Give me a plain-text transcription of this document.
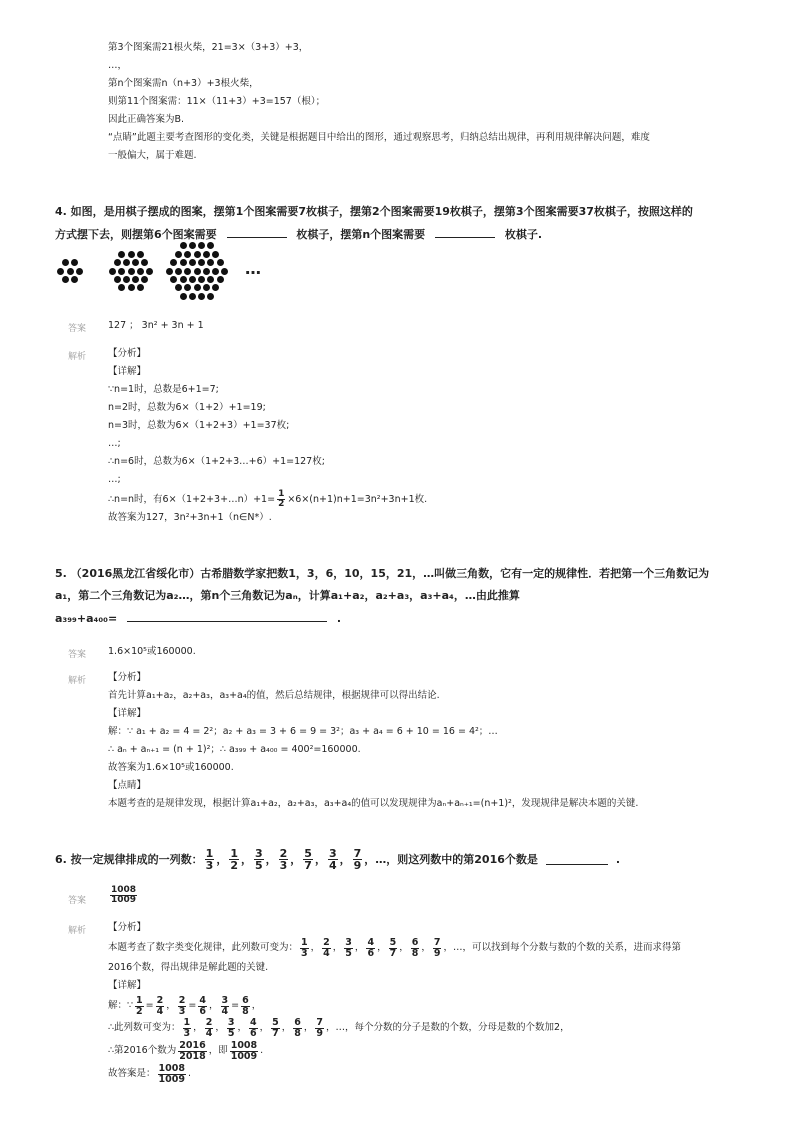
第3个图案需21根火柴，21=3×（3+3）+3，
…，
第n个图案需n（n+3）+3根火柴，
则第11个图案需：11×（11+3）+3=157（根）；
因此正确答案为B.
“点睛”此题主要考查图形的变化类，关键是根据题目中给出的图形，通过观察思考，归纳总结出规律，再利用规律解决问题，难度
一般偏大，属于难题.
4. 如图，是用棋子摆成的图案，摆第1个图案需要7枚棋子，摆第2个图案需要19枚棋子，摆第3个图案需要37枚棋子，按照这样的
方式摆下去，则摆第6个图案需要	枚棋子，摆第n个图案需要	枚棋子.
…
答案 127 ； 3n² + 3n + 1
解析 【分析】
【详解】
∵n=1时，总数是6+1=7;
n=2时，总数为6×（1+2）+1=19;
n=3时，总数为6×（1+2+3）+1=37枚;
…;
∴n=6时，总数为6×（1+2+3…+6）+1=127枚;
…;
∴n=n时，有6×（1+2+3+…n）+1= $\frac{1}{2} \times 6\times(n+1)n+1=3n^2+3n+1$枚.
故答案为127，3n²+3n+1（n∈N*）.
5. （2016黑龙江省绥化市）古希腊数学家把数1，3，6，10，15，21，…叫做三角数，它有一定的规律性．若把第一个三角数记为
a₁，第二个三角数记为a₂…，第n个三角数记为aₙ，计算a₁+a₂，a₂+a₃，a₃+a₄，…由此推算
a₃₉₉+a₄₀₀=	.
答案 1.6×10⁵或160000.
解析 【分析】
首先计算a₁+a₂，a₂+a₃，a₃+a₄的值，然后总结规律，根据规律可以得出结论.
【详解】
解：∵ a₁ + a₂ = 4 = 2²；a₂ + a₃ = 3 + 6 = 9 = 3²；a₃ + a₄ = 6 + 10 = 16 = 4²；…
∴ aₙ + aₙ₊₁ = (n + 1)²；∴ a₃₉₉ + a₄₀₀ = 400²=160000.
故答案为1.6×10⁵或160000.
【点睛】
本题考查的是规律发现，根据计算a₁+a₂，a₂+a₃，a₃+a₄的值可以发现规律为aₙ+aₙ₊₁=(n+1)²，发现规律是解决本题的关键.
6. 按一定规律排成的一列数： $\frac{1}{3}$ ， $\frac{1}{2}$ ， $\frac{3}{5}$ ， $\frac{2}{3}$ ， $\frac{5}{7}$ ， $\frac{3}{4}$ ， $\frac{7}{9}$ ， …，则这列数中的第2016个数是	.
答案	$\frac{1008}{1009}$
解析 【分析】
本题考查了数字类变化规律，此列数可变为： $\frac{1}{3}$ ， $\frac{2}{4}$ ， $\frac{3}{5}$ ， $\frac{4}{6}$ ， $\frac{5}{7}$ ， $\frac{6}{8}$ ， $\frac{7}{9}$ ， …，可以找到每个分数与数的个数的关系，进而求得第
2016个数，得出规律是解此题的关键.
【详解】
解：∵ $\frac{1}{2} = \frac{2}{4}$ ， $\frac{2}{3} = \frac{4}{6}$ ， $\frac{3}{4} = \frac{6}{8}$ ，
∴此列数可变为： $\frac{1}{3}$ ， $\frac{2}{4}$ ， $\frac{3}{5}$ ， $\frac{4}{6}$ ， $\frac{5}{7}$ ， $\frac{6}{8}$ ， $\frac{7}{9}$ ， …，每个分数的分子是数的个数，分母是数的个数加2，
∴第2016个数为 $\frac{2016}{2018}$ ，即 $\frac{1008}{1009}$ .
故答案是： $\frac{1008}{1009}$ .
